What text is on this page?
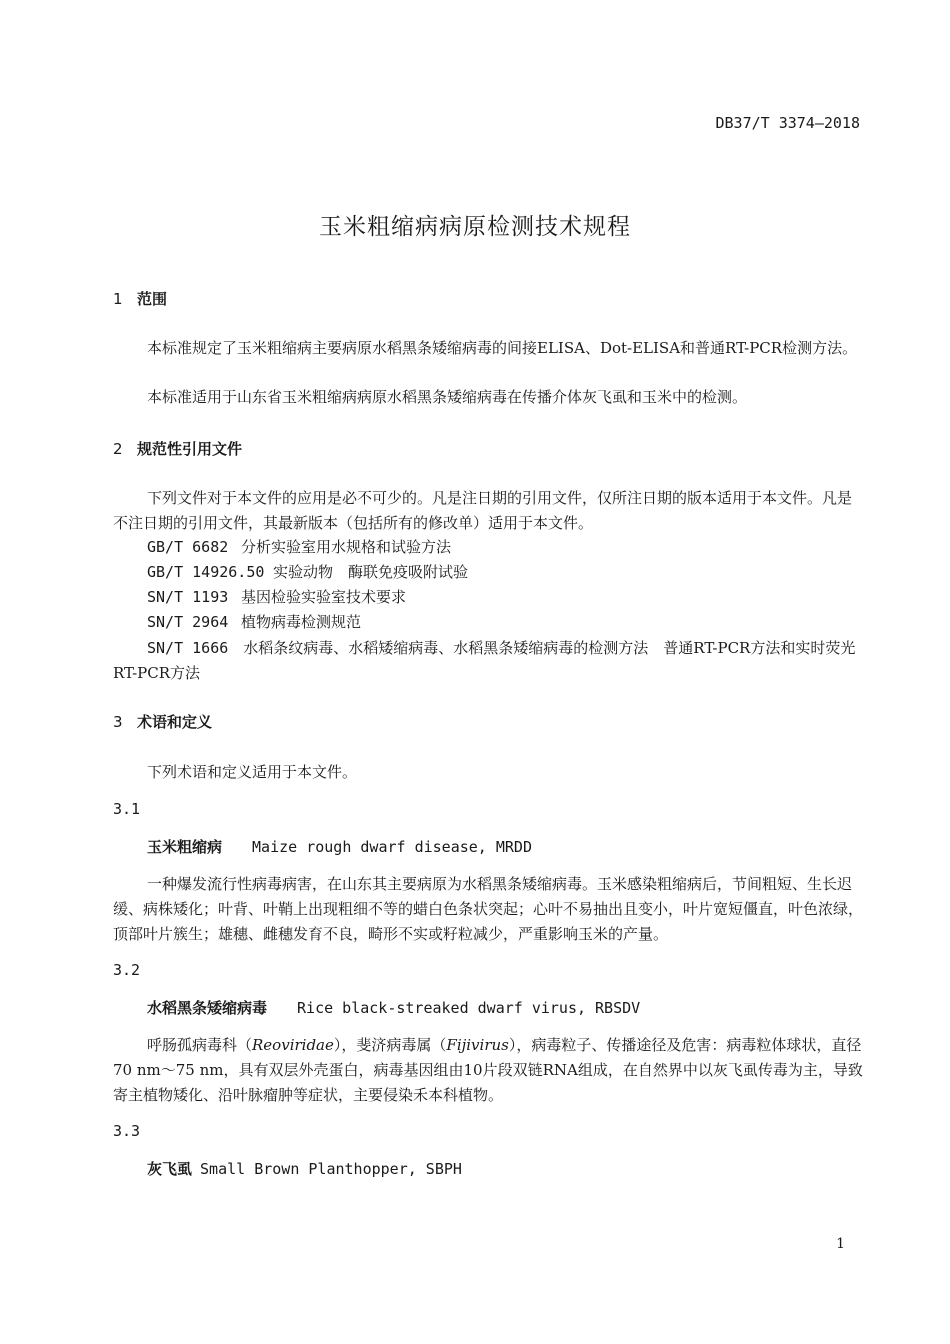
DB37/T 3374—2018
玉米粗缩病病原检测技术规程
1 范围
本标准规定了玉米粗缩病主要病原水稻黑条矮缩病毒的间接ELISA、Dot-ELISA和普通RT-PCR检测方法。
本标准适用于山东省玉米粗缩病病原水稻黑条矮缩病毒在传播介体灰飞虱和玉米中的检测。
2 规范性引用文件
下列文件对于本文件的应用是必不可少的。凡是注日期的引用文件，仅所注日期的版本适用于本文件。凡是不注日期的引用文件，其最新版本（包括所有的修改单）适用于本文件。
GB/T 6682 分析实验室用水规格和试验方法
GB/T 14926.50 实验动物　酶联免疫吸附试验
SN/T 1193 基因检验实验室技术要求
SN/T 2964 植物病毒检测规范
SN/T 1666　 水稻条纹病毒、水稻矮缩病毒、水稻黑条矮缩病毒的检测方法　普通RT-PCR方法和实时荧光RT-PCR方法
3 术语和定义
下列术语和定义适用于本文件。
3.1
玉米粗缩病 Maize rough dwarf disease, MRDD
一种爆发流行性病毒病害，在山东其主要病原为水稻黑条矮缩病毒。玉米感染粗缩病后，节间粗短、生长迟缓、病株矮化；叶背、叶鞘上出现粗细不等的蜡白色条状突起；心叶不易抽出且变小，叶片宽短僵直，叶色浓绿，顶部叶片簇生；雄穗、雌穗发育不良，畸形不实或籽粒减少，严重影响玉米的产量。
3.2
水稻黑条矮缩病毒 Rice black-streaked dwarf virus, RBSDV
呼肠孤病毒科（Reoviridae），斐济病毒属（Fijivirus），病毒粒子、传播途径及危害：病毒粒体球状，直径70 nm～75 nm，具有双层外壳蛋白，病毒基因组由10片段双链RNA组成，在自然界中以灰飞虱传毒为主，导致寄主植物矮化、沿叶脉瘤肿等症状，主要侵染禾本科植物。
3.3
灰飞虱 Small Brown Planthopper, SBPH
1
